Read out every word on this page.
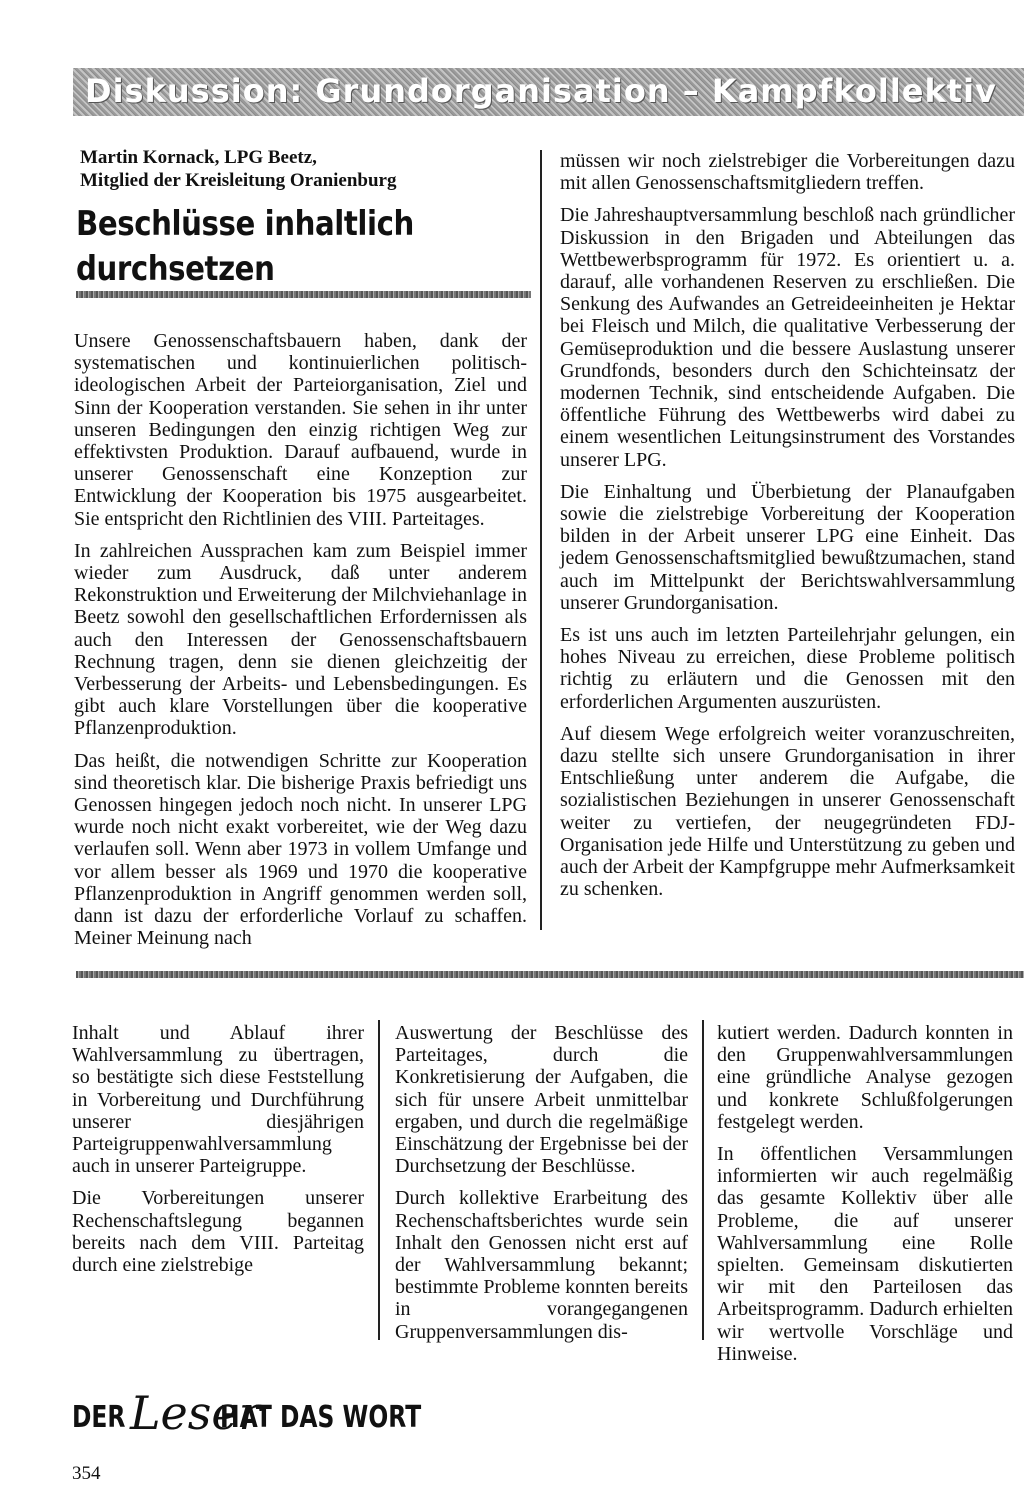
Diskussion: Grundorganisation – Kampfkollektiv
Martin Kornack, LPG Beetz,
Mitglied der Kreisleitung Oranienburg
Beschlüsse inhaltlich
durchsetzen

Unsere Genossenschaftsbauern haben, dank der systematischen und kontinuierlichen politisch-ideologischen Arbeit der Parteiorganisation, Ziel und Sinn der Kooperation verstanden. Sie sehen in ihr unter unseren Bedingungen den einzig richtigen Weg zur effektivsten Produktion. Darauf aufbauend, wurde in unserer Genossenschaft eine Konzeption zur Entwicklung der Kooperation bis 1975 ausgearbeitet. Sie entspricht den Richtlinien des VIII. Parteitages.

In zahlreichen Aussprachen kam zum Beispiel immer wieder zum Ausdruck, daß unter anderem Rekonstruktion und Erweiterung der Milchviehanlage in Beetz sowohl den gesellschaftlichen Erfordernissen als auch den Interessen der Genossenschaftsbauern Rechnung tragen, denn sie dienen gleichzeitig der Verbesserung der Arbeits- und Lebensbedingungen. Es gibt auch klare Vorstellungen über die kooperative Pflanzenproduktion.

Das heißt, die notwendigen Schritte zur Kooperation sind theoretisch klar. Die bisherige Praxis befriedigt uns Genossen hingegen jedoch noch nicht. In unserer LPG wurde noch nicht exakt vorbereitet, wie der Weg dazu verlaufen soll. Wenn aber 1973 in vollem Umfange und vor allem besser als 1969 und 1970 die kooperative Pflanzenproduktion in Angriff genommen werden soll, dann ist dazu der erforderliche Vorlauf zu schaffen. Meiner Meinung nach

müssen wir noch zielstrebiger die Vorbereitungen dazu mit allen Genossenschaftsmitgliedern treffen.

Die Jahreshauptversammlung beschloß nach gründlicher Diskussion in den Brigaden und Abteilungen das Wettbewerbsprogramm für 1972. Es orientiert u. a. darauf, alle vorhandenen Reserven zu erschließen. Die Senkung des Aufwandes an Getreideeinheiten je Hektar bei Fleisch und Milch, die qualitative Verbesserung der Gemüseproduktion und die bessere Auslastung unserer Grundfonds, besonders durch den Schichteinsatz der modernen Technik, sind entscheidende Aufgaben. Die öffentliche Führung des Wettbewerbs wird dabei zu einem wesentlichen Leitungsinstrument des Vorstandes unserer LPG.

Die Einhaltung und Überbietung der Planaufgaben sowie die zielstrebige Vorbereitung der Kooperation bilden in der Arbeit unserer LPG eine Einheit. Das jedem Genossenschaftsmitglied bewußtzumachen, stand auch im Mittelpunkt der Berichtswahlversammlung unserer Grundorganisation.

Es ist uns auch im letzten Parteilehrjahr gelungen, ein hohes Niveau zu erreichen, diese Probleme politisch richtig zu erläutern und die Genossen mit den erforderlichen Argumenten auszurüsten.

Auf diesem Wege erfolgreich weiter voranzuschreiten, dazu stellte sich unsere Grundorganisation in ihrer Entschließung unter anderem die Aufgabe, die sozialistischen Beziehungen in unserer Genossenschaft weiter zu vertiefen, der neugegründeten FDJ-Organisation jede Hilfe und Unterstützung zu geben und auch der Arbeit der Kampfgruppe mehr Aufmerksamkeit zu schenken.

Inhalt und Ablauf ihrer Wahlversammlung zu übertragen, so bestätigte sich diese Feststellung in Vorbereitung und Durchführung unserer diesjährigen Parteigruppenwahlversammlung auch in unserer Parteigruppe.

Die Vorbereitungen unserer Rechenschaftslegung begannen bereits nach dem VIII. Parteitag durch eine zielstrebige

Auswertung der Beschlüsse des Parteitages, durch die Konkretisierung der Aufgaben, die sich für unsere Arbeit unmittelbar ergaben, und durch die regelmäßige Einschätzung der Ergebnisse bei der Durchsetzung der Beschlüsse.

Durch kollektive Erarbeitung des Rechenschaftsberichtes wurde sein Inhalt den Genossen nicht erst auf der Wahlversammlung bekannt; bestimmte Probleme konnten bereits in vorangegangenen Gruppenversammlungen dis-

kutiert werden. Dadurch konnten in den Gruppenwahlversammlungen eine gründliche Analyse gezogen und konkrete Schlußfolgerungen festgelegt werden.

In öffentlichen Versammlungen informierten wir auch regelmäßig das gesamte Kollektiv über alle Probleme, die auf unserer Wahlversammlung eine Rolle spielten. Gemeinsam diskutierten wir mit den Parteilosen das Arbeitsprogramm. Dadurch erhielten wir wertvolle Vorschläge und Hinweise.

DER Leser
HAT DAS WORT
354
